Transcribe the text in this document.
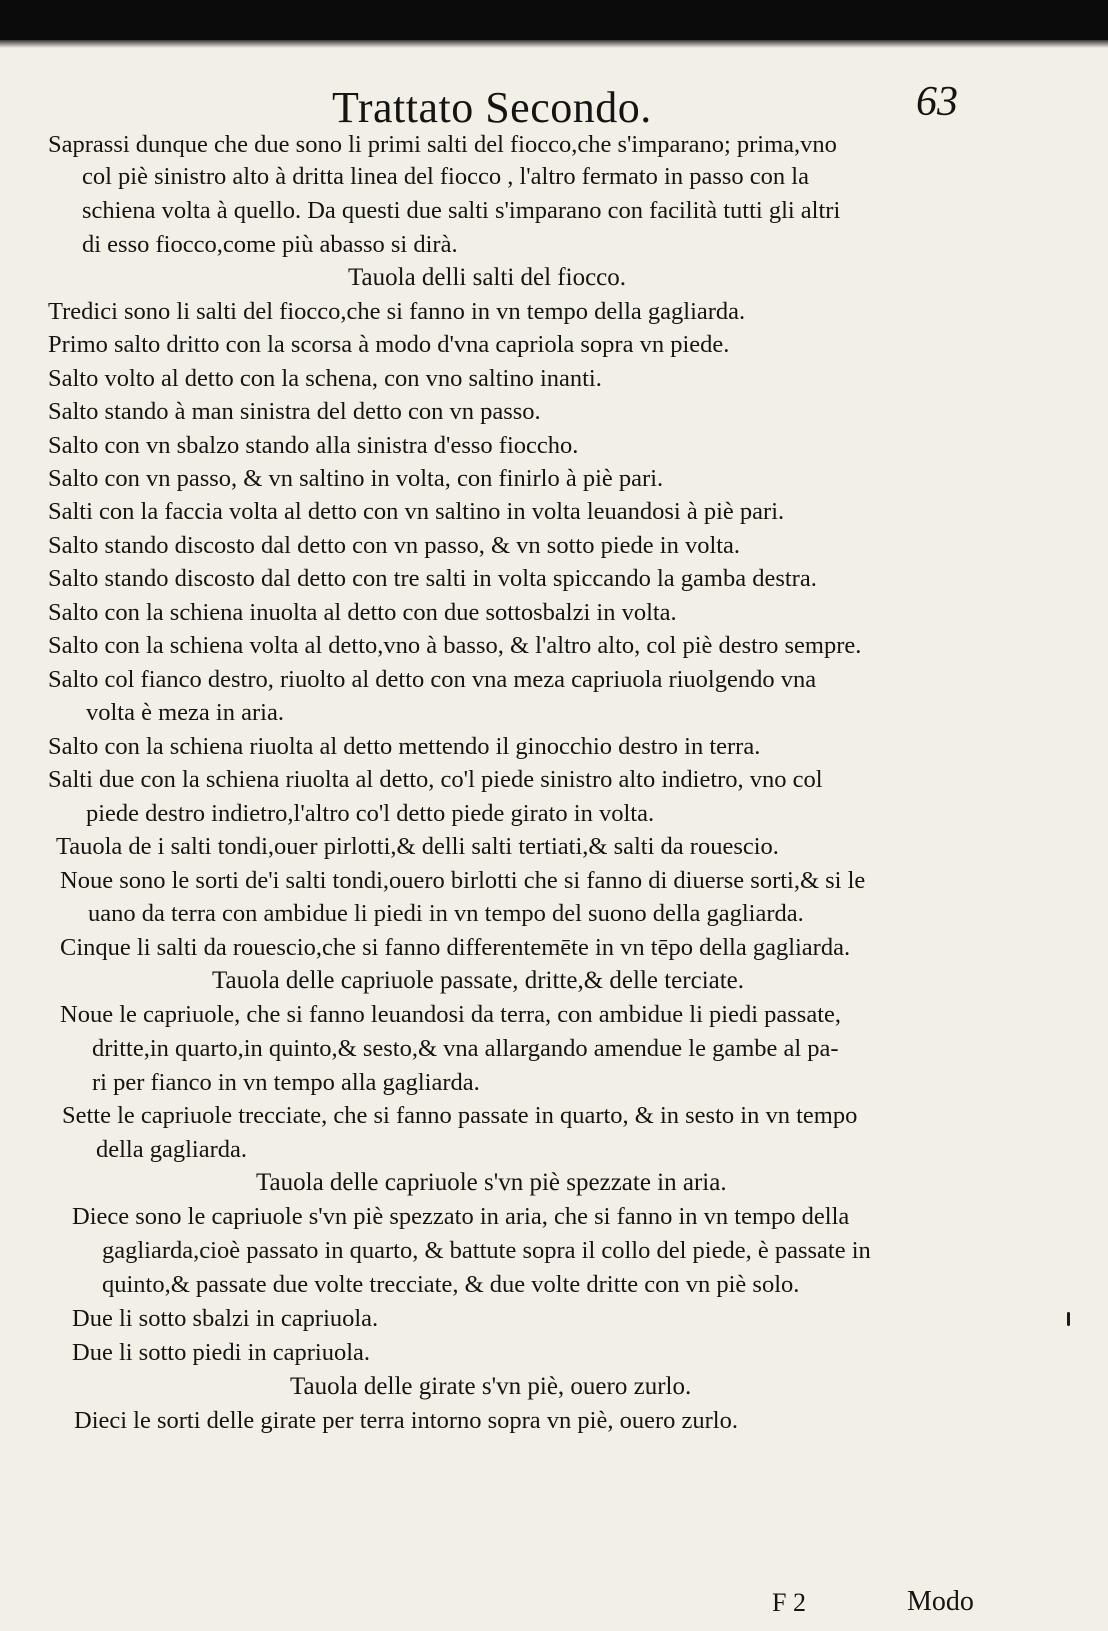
Trattato Secondo.	63
Saprassi dunque che due sono li primi salti del fiocco,che s'imparano; prima,vno
col piè sinistro alto à dritta linea del fiocco , l'altro fermato in passo con la
schiena volta à quello. Da questi due salti s'imparano con facilità tutti gli altri
di esso fiocco,come più abasso si dirà.
Tauola delli salti del fiocco.
Tredici sono li salti del fiocco,che si fanno in vn tempo della gagliarda.
Primo salto dritto con la scorsa à modo d'vna capriola sopra vn piede.
Salto volto al detto con la schena, con vno saltino inanti.
Salto stando à man sinistra del detto con vn passo.
Salto con vn sbalzo stando alla sinistra d'esso fioccho.
Salto con vn passo, & vn saltino in volta, con finirlo à piè pari.
Salti con la faccia volta al detto con vn saltino in volta leuandosi à piè pari.
Salto stando discosto dal detto con vn passo, & vn sotto piede in volta.
Salto stando discosto dal detto con tre salti in volta spiccando la gamba destra.
Salto con la schiena inuolta al detto con due sottosbalzi in volta.
Salto con la schiena volta al detto,vno à basso, & l'altro alto, col piè destro sempre.
Salto col fianco destro, riuolto al detto con vna meza capriuola riuolgendo vna
volta è meza in aria.
Salto con la schiena riuolta al detto mettendo il ginocchio destro in terra.
Salti due con la schiena riuolta al detto, co'l piede sinistro alto indietro, vno col
piede destro indietro,l'altro co'l detto piede girato in volta.
Tauola de i salti tondi,ouer pirlotti,& delli salti tertiati,& salti da rouescio.
Noue sono le sorti de'i salti tondi,ouero birlotti che si fanno di diuerse sorti,& si le
uano da terra con ambidue li piedi in vn tempo del suono della gagliarda.
Cinque li salti da rouescio,che si fanno differentemēte in vn tēpo della gagliarda.
Tauola delle capriuole passate, dritte,& delle terciate.
Noue le capriuole, che si fanno leuandosi da terra, con ambidue li piedi passate,
dritte,in quarto,in quinto,& sesto,& vna allargando amendue le gambe al pa-
ri per fianco in vn tempo alla gagliarda.
Sette le capriuole trecciate, che si fanno passate in quarto, & in sesto in vn tempo
della gagliarda.
Tauola delle capriuole s'vn piè spezzate in aria.
Diece sono le capriuole s'vn piè spezzato in aria, che si fanno in vn tempo della
gagliarda,cioè passato in quarto, & battute sopra il collo del piede, è passate in
quinto,& passate due volte trecciate, & due volte dritte con vn piè solo.
Due li sotto sbalzi in capriuola.
Due li sotto piedi in capriuola.
Tauola delle girate s'vn piè, ouero zurlo.
Dieci le sorti delle girate per terra intorno sopra vn piè, ouero zurlo.
F 2	Modo
